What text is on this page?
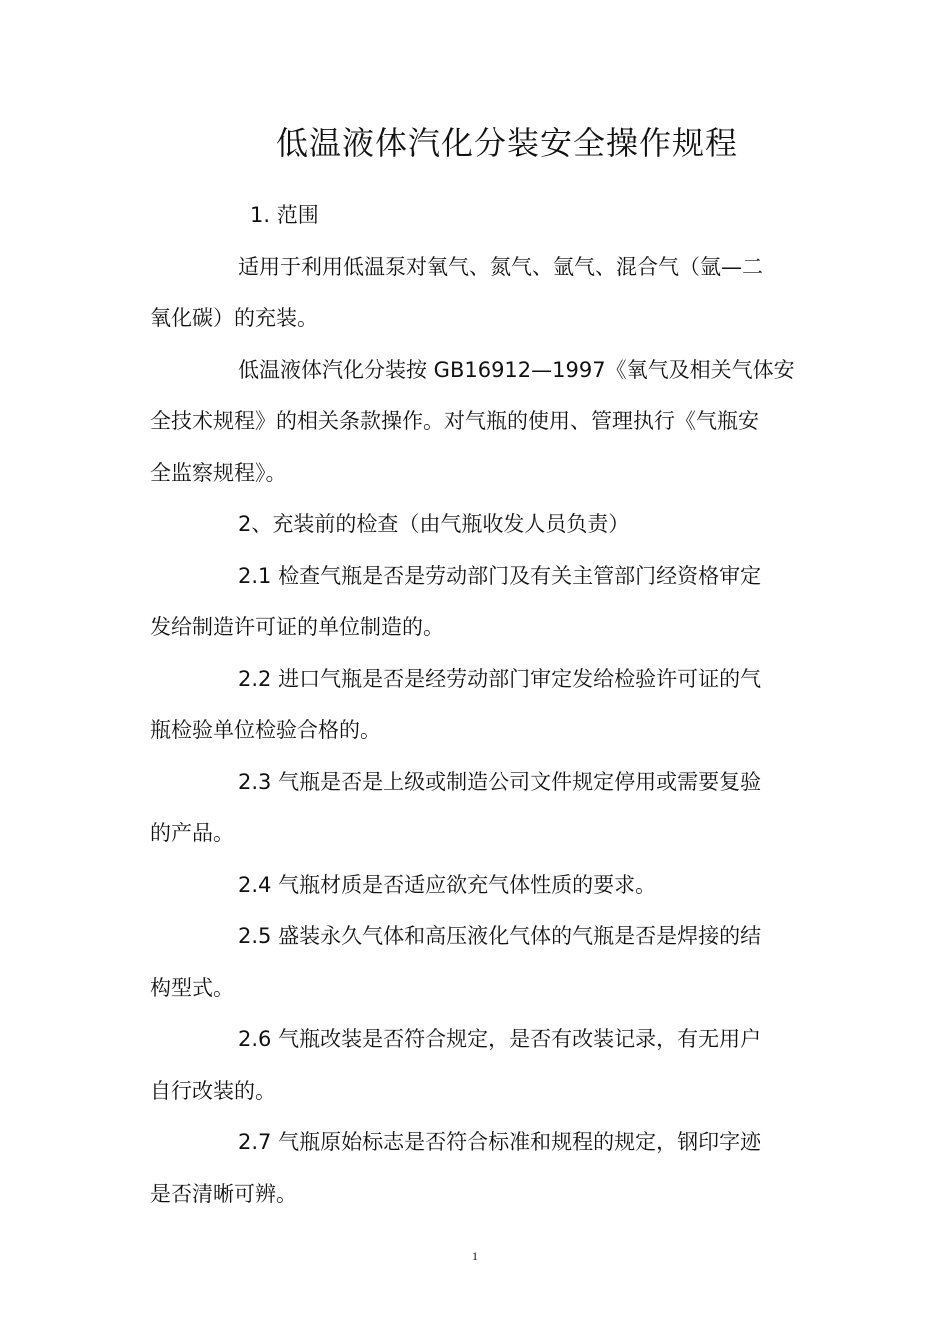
低温液体汽化分装安全操作规程

1. 范围

适用于利用低温泵对氧气、氮气、氩气、混合气（氩—二

氧化碳）的充装。

低温液体汽化分装按 GB16912—1997《氧气及相关气体安

全技术规程》的相关条款操作。对气瓶的使用、管理执行《气瓶安

全监察规程》。

2、充装前的检查（由气瓶收发人员负责）

2.1 检查气瓶是否是劳动部门及有关主管部门经资格审定

发给制造许可证的单位制造的。

2.2 进口气瓶是否是经劳动部门审定发给检验许可证的气

瓶检验单位检验合格的。

2.3 气瓶是否是上级或制造公司文件规定停用或需要复验

的产品。

2.4 气瓶材质是否适应欲充气体性质的要求。

2.5 盛装永久气体和高压液化气体的气瓶是否是焊接的结

构型式。

2.6 气瓶改装是否符合规定，是否有改装记录，有无用户

自行改装的。

2.7 气瓶原始标志是否符合标准和规程的规定，钢印字迹

是否清晰可辨。

1
